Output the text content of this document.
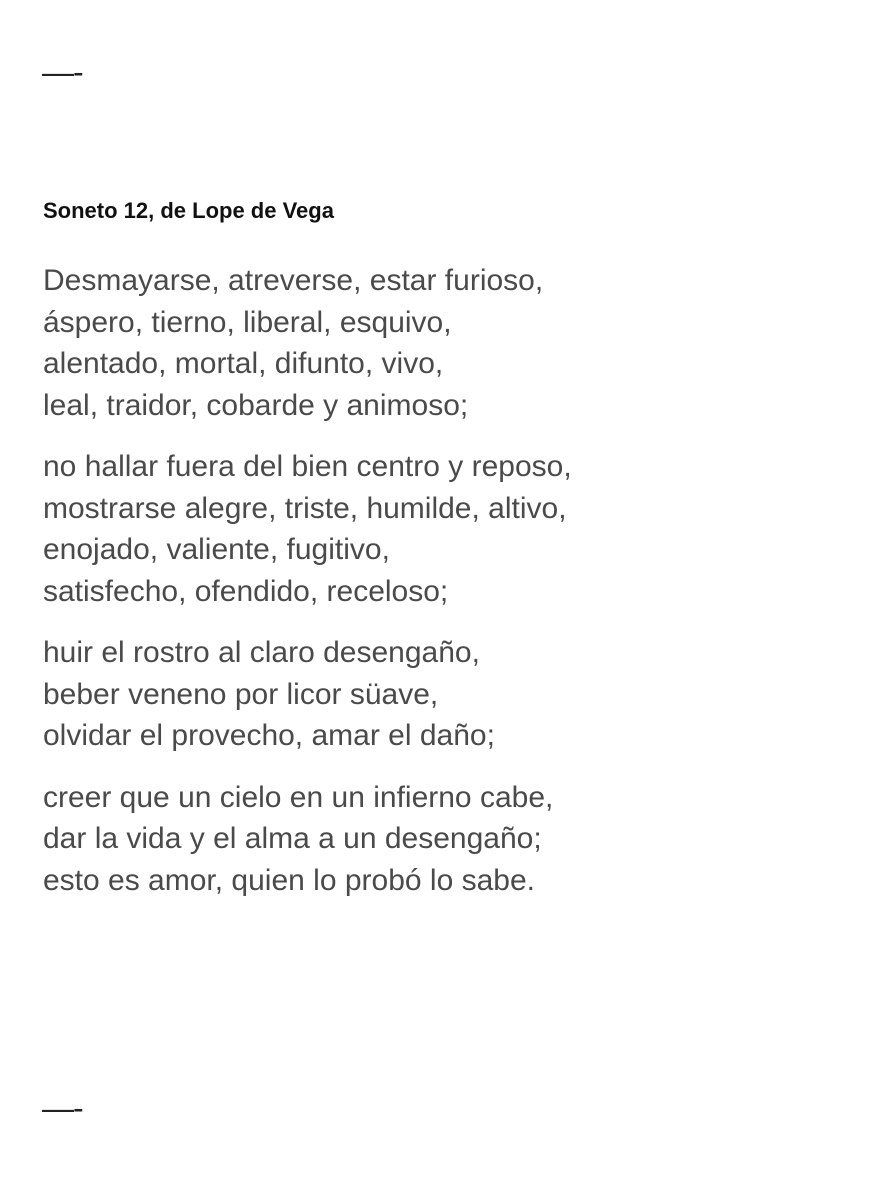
—-
Soneto 12, de Lope de Vega
Desmayarse, atreverse, estar furioso,
áspero, tierno, liberal, esquivo,
alentado, mortal, difunto, vivo,
leal, traidor, cobarde y animoso;
no hallar fuera del bien centro y reposo,
mostrarse alegre, triste, humilde, altivo,
enojado, valiente, fugitivo,
satisfecho, ofendido, receloso;
huir el rostro al claro desengaño,
beber veneno por licor süave,
olvidar el provecho, amar el daño;
creer que un cielo en un infierno cabe,
dar la vida y el alma a un desengaño;
esto es amor, quien lo probó lo sabe.
—-
